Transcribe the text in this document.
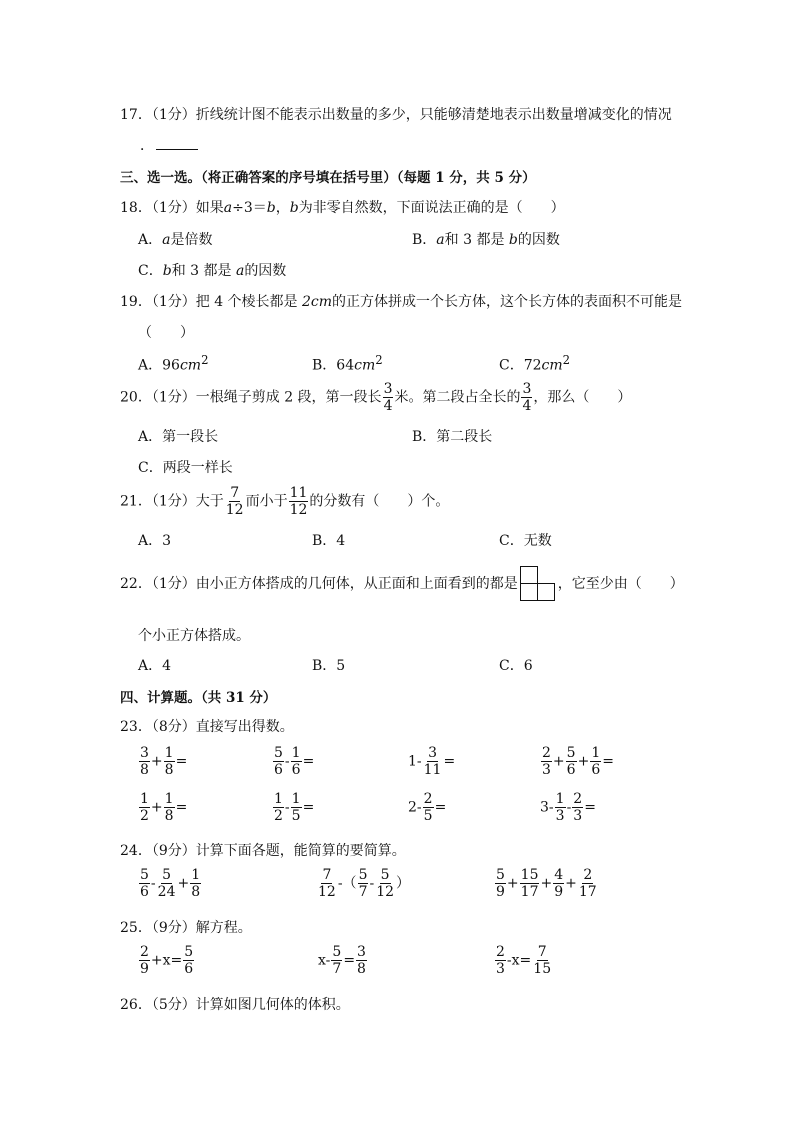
17．（1分）折线统计图不能表示出数量的多少，只能够清楚地表示出数量增减变化的情况
．
三、选一选。（将正确答案的序号填在括号里）（每题 1 分，共 5 分）
18．（1分）如果a÷3＝b，b为非零自然数，下面说法正确的是（　　）
A．a是倍数	B．a和 3 都是 b的因数
C．b和 3 都是 a的因数
19．（1分）把 4 个棱长都是 2cm的正方体拼成一个长方体，这个长方体的表面积不可能是
（　　）
A．$96cm^2$	B．$64cm^2$	C．$72cm^2$
20．（1分）一根绳子剪成 2 段，第一段长 $\frac{3}{4}$ 米。第二段占全长的 $\frac{3}{4}$ ，那么（　　）
A．第一段长	B．第二段长
C．两段一样长
21．（1分）大于 $\frac{7}{12}$ 而小于 $\frac{11}{12}$ 的分数有（　　）个。
A．3	B．4	C．无数
22．（1分）由小正方体搭成的几何体，从正面和上面看到的都是	，它至少由（　　）
个小正方体搭成。
A．4	B．5	C．6
四、计算题。（共 31 分）
23．（8分）直接写出得数。
$\frac{3}{8} + \frac{1}{8}$ =	$\frac{5}{6} - \frac{1}{6}$ =	$1- \frac{3}{11}$ =	$\frac{2}{3} + \frac{5}{6} + \frac{1}{6}$ =
$\frac{1}{2} + \frac{1}{8}$ =	$\frac{1}{2} - \frac{1}{5}$ =	$2- \frac{2}{5}$ =	$3- \frac{1}{3} - \frac{2}{3}$ =
24．（9分）计算下面各题，能简算的要简算。
$\frac{5}{6} - \frac{5}{24} + \frac{1}{8}$	$\frac{7}{12}$ -（ $\frac{5}{7} - \frac{5}{12}$ ）	$\frac{5}{9} + \frac{15}{17} + \frac{4}{9} + \frac{2}{17}$
25．（9分）解方程。
$\frac{2}{9} +x= \frac{5}{6}$	$x- \frac{5}{7} = \frac{3}{8}$	$\frac{2}{3} -x= \frac{7}{15}$
26．（5分）计算如图几何体的体积。
